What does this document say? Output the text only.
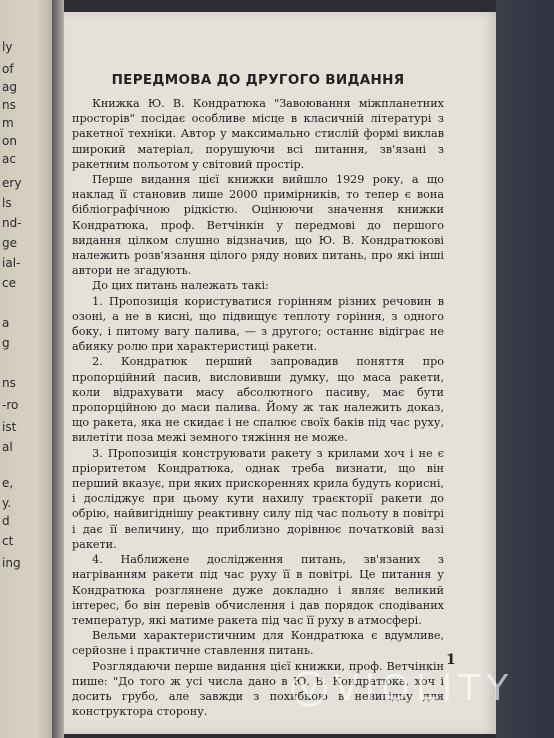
ly
of
ag
ns
m
on
ac
ery
ls
nd-
ge
ial-
ce
a
g
ns
-ro
ist
al
e,
y.
d
ct
ing
ПЕРЕДМОВА ДО ДРУГОГО ВИДАННЯ

Книжка Ю. В. Кондратюка "Завоювання міжпланетних просторів" посідає особливе місце в класичній літературі з ракетної техніки. Автор у максимально стислій формі виклав широкий матеріал, порушуючи всі питання, зв'язані з ракетним польотом у світовий простір.

Перше видання цієї книжки вийшло 1929 року, а що наклад її становив лише 2000 примірників, то тепер є вона бібліографічною рідкістю. Оцінюючи значення книжки Кондратюка, проф. Ветчінкін у передмові до першого видання цілком слушно відзначив, що Ю. В. Кондратюкові належить розв'язання цілого ряду нових питань, про які інші автори не згадують.

До цих питань належать такі:

1. Пропозиція користуватися горінням різних речовин в озоні, а не в кисні, що підвищує теплоту горіння, з одного боку, і питому вагу палива, — з другого; останнє відіграє не абияку ролю при характеристиці ракети.

2. Кондратюк перший запровадив поняття про пропорційний пасив, висловивши думку, що маса ракети, коли відрахувати масу абсолютного пасиву, має бути пропорційною до маси палива. Йому ж так належить доказ, що ракета, яка не скидає і не спалює своїх баків під час руху, вилетіти поза межі земного тяжіння не може.

3. Пропозиція конструювати ракету з крилами хоч і не є пріоритетом Кондратюка, однак треба визнати, що він перший вказує, при яких прискореннях крила будуть корисні, і досліджує при цьому кути нахилу траєкторії ракети до обрію, найвигіднішу реактивну силу під час польоту в повітрі і дає її величину, що приблизно дорівнює початковій вазі ракети.

4. Наближене дослідження питань, зв'язаних з нагріванням ракети під час руху її в повітрі. Це питання у Кондратюка розглянене дуже докладно і являє великий інтерес, бо він перевів обчислення і дав порядок сподіваних температур, які матиме ракета під час її руху в атмосфері.

Вельми характеристичним для Кондратюка є вдумливе, серйозне і практичне ставлення питань.

Розглядаючи перше видання цієї книжки, проф. Ветчінкін пише: "До того ж усі числа дано в Ю. В. Кондратюка, хоч і досить грубо, але завжди з похибкою в невигідну для конструктора сторону.

1
VIOLITY
